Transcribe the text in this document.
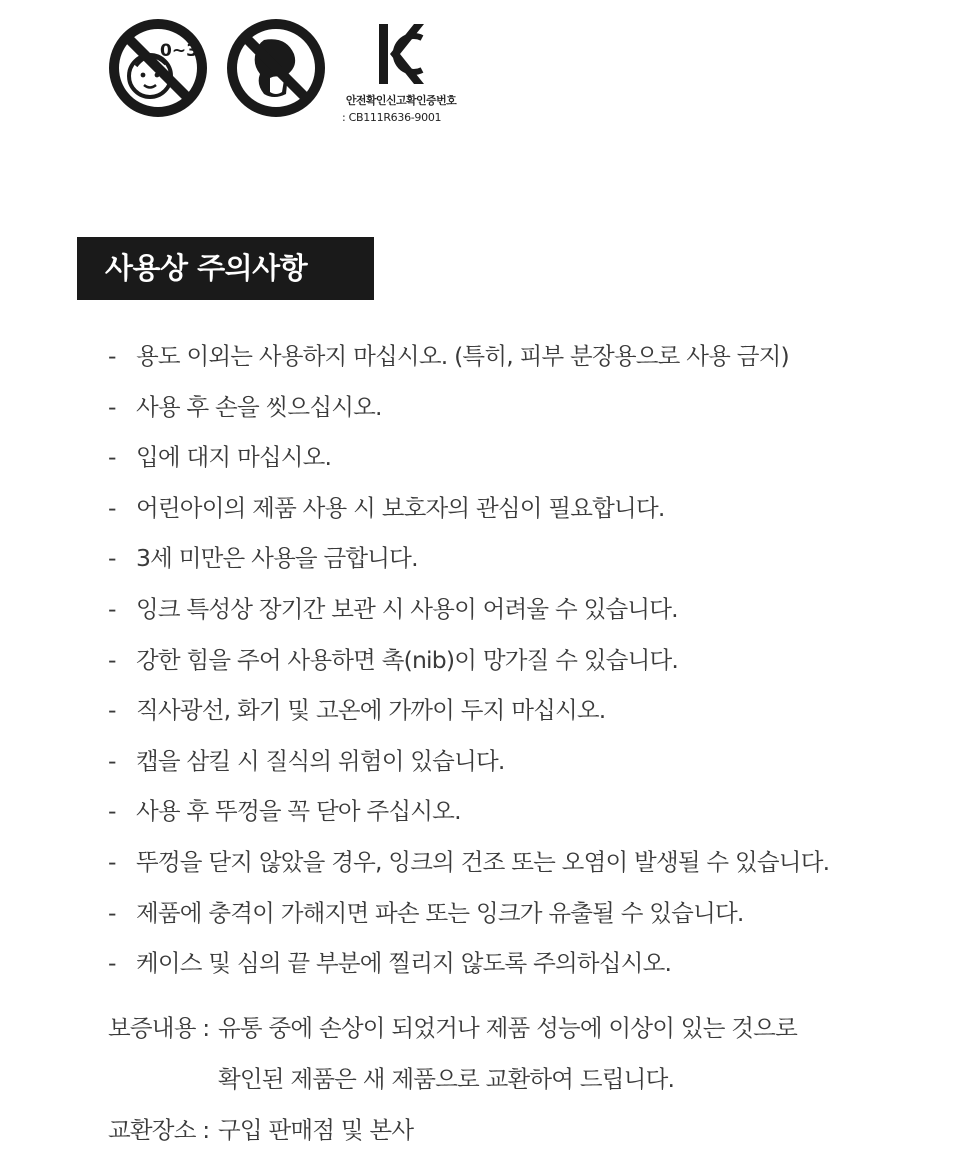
0~3
안전확인신고확인증번호
: CB111R636-9001
사용상 주의사항
- 용도 이외는 사용하지 마십시오. (특히, 피부 분장용으로 사용 금지)
- 사용 후 손을 씻으십시오.
- 입에 대지 마십시오.
- 어린아이의 제품 사용 시 보호자의 관심이 필요합니다.
- 3세 미만은 사용을 금합니다.
- 잉크 특성상 장기간 보관 시 사용이 어려울 수 있습니다.
- 강한 힘을 주어 사용하면 촉(nib)이 망가질 수 있습니다.
- 직사광선, 화기 및 고온에 가까이 두지 마십시오.
- 캡을 삼킬 시 질식의 위험이 있습니다.
- 사용 후 뚜껑을 꼭 닫아 주십시오.
- 뚜껑을 닫지 않았을 경우, 잉크의 건조 또는 오염이 발생될 수 있습니다.
- 제품에 충격이 가해지면 파손 또는 잉크가 유출될 수 있습니다.
- 케이스 및 심의 끝 부분에 찔리지 않도록 주의하십시오.
보증내용 : 유통 중에 손상이 되었거나 제품 성능에 이상이 있는 것으로
확인된 제품은 새 제품으로 교환하여 드립니다.
교환장소 : 구입 판매점 및 본사
